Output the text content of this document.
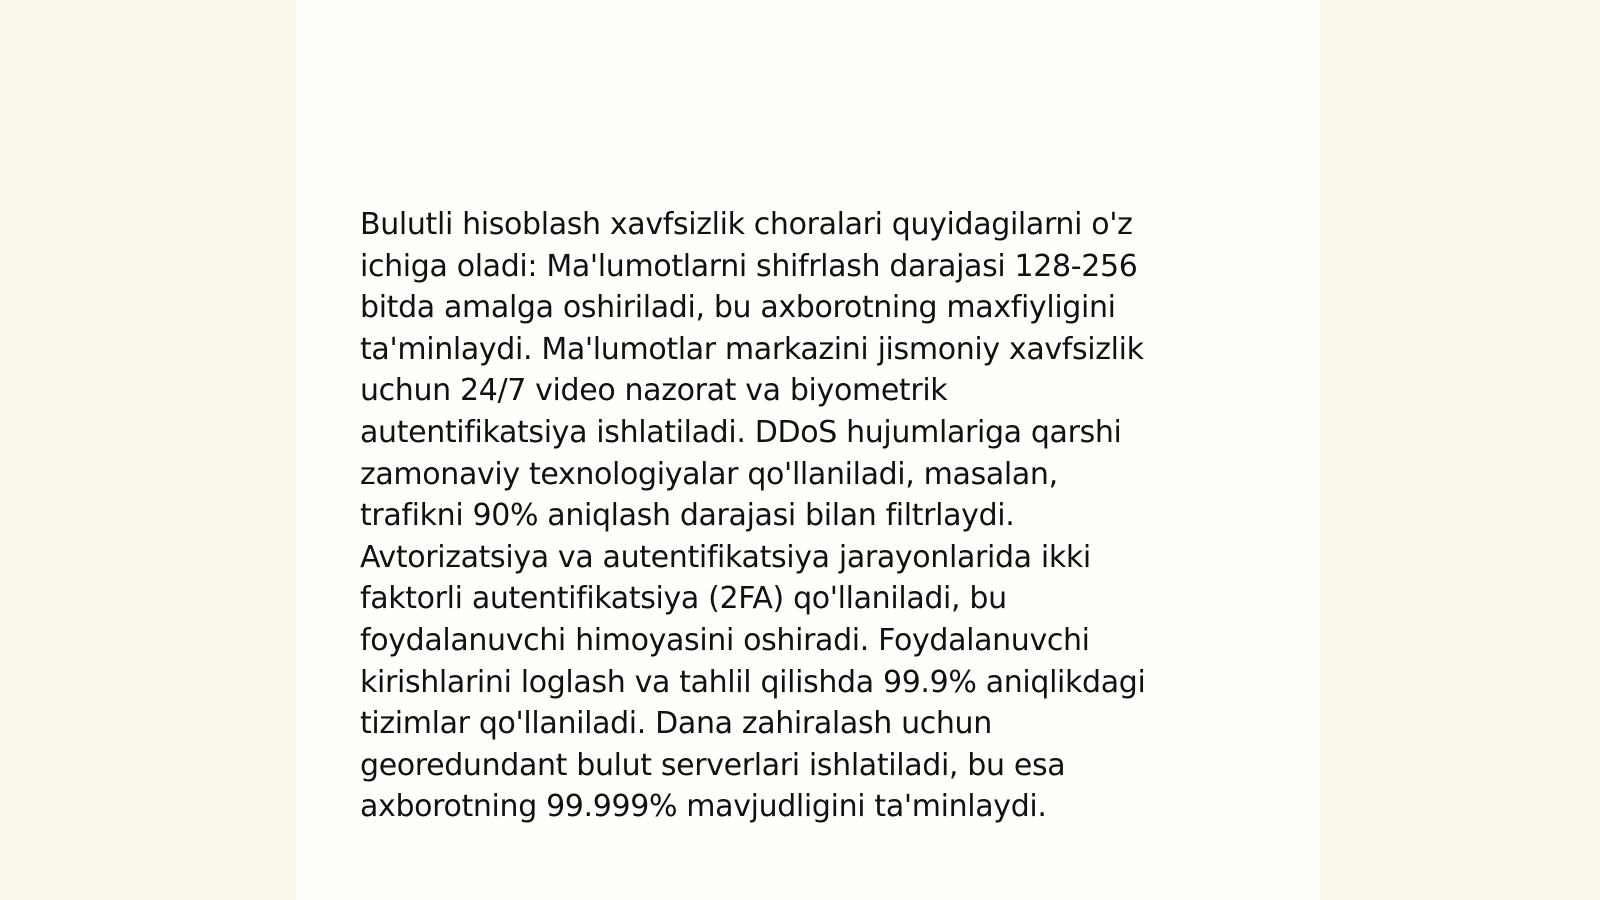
Bulutli hisoblash xavfsizlik choralari quyidagilarni o'z
ichiga oladi: Ma'lumotlarni shifrlash darajasi 128-256
bitda amalga oshiriladi, bu axborotning maxfiyligini
ta'minlaydi. Ma'lumotlar markazini jismoniy xavfsizlik
uchun 24/7 video nazorat va biyometrik
autentifikatsiya ishlatiladi. DDoS hujumlariga qarshi
zamonaviy texnologiyalar qo'llaniladi, masalan,
trafikni 90% aniqlash darajasi bilan filtrlaydi.
Avtorizatsiya va autentifikatsiya jarayonlarida ikki
faktorli autentifikatsiya (2FA) qo'llaniladi, bu
foydalanuvchi himoyasini oshiradi. Foydalanuvchi
kirishlarini loglash va tahlil qilishda 99.9% aniqlikdagi
tizimlar qo'llaniladi. Dana zahiralash uchun
georedundant bulut serverlari ishlatiladi, bu esa
axborotning 99.999% mavjudligini ta'minlaydi.
